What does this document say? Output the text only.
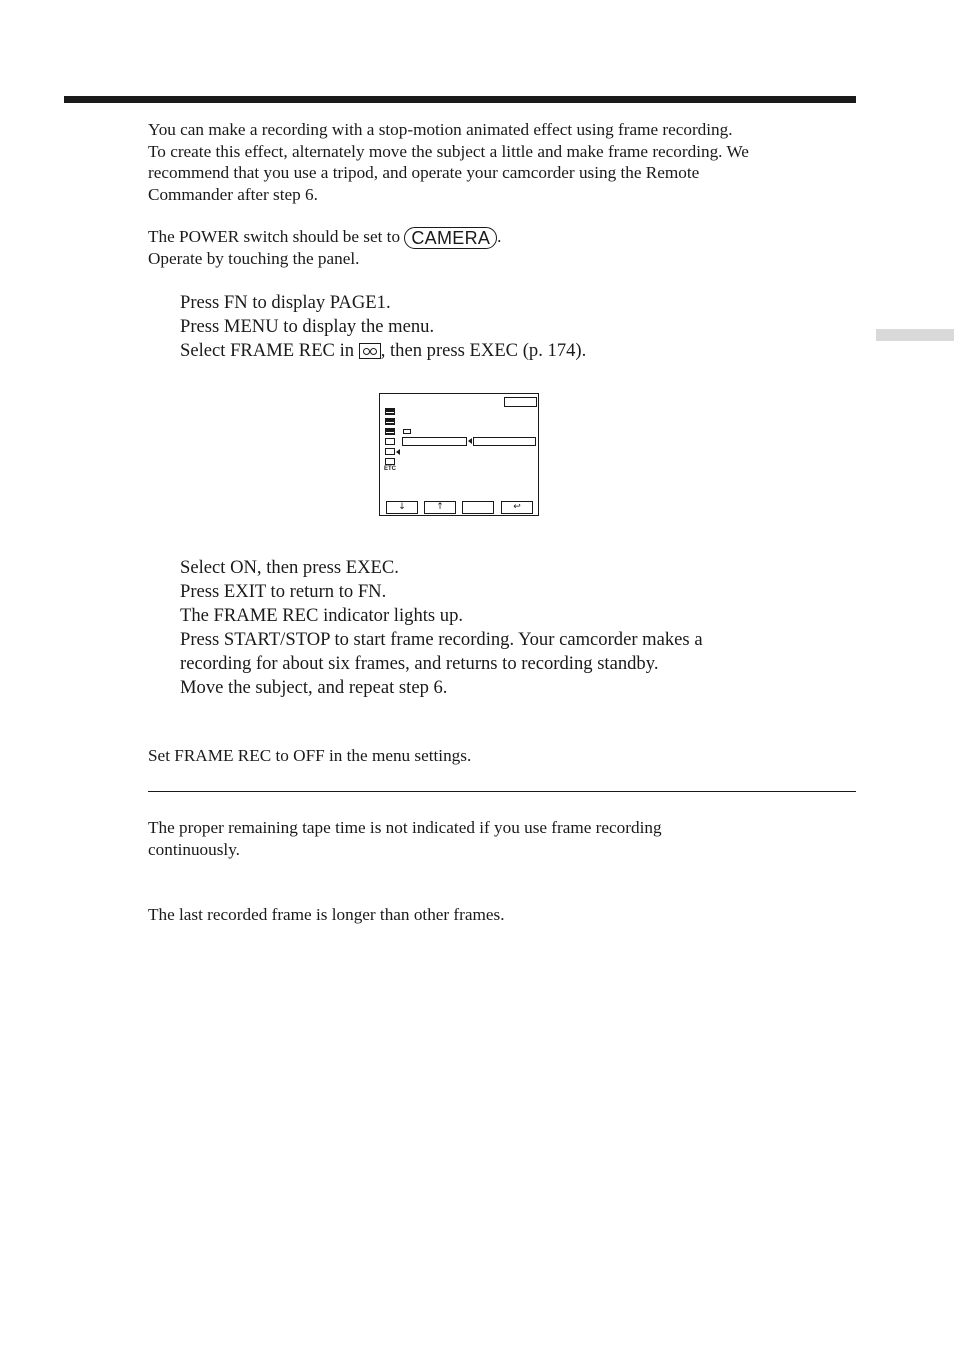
You can make a recording with a stop-motion animated effect using frame recording.

To create this effect, alternately move the subject a little and make frame recording. We

recommend that you use a tripod, and operate your camcorder using the Remote

Commander after step 6.

The POWER switch should be set to CAMERA .

Operate by touching the panel.

Press FN to display PAGE1.

Press MENU to display the menu.

Select FRAME REC in , then press EXEC (p. 174).

ETC
↓	↑	↩

Select ON, then press EXEC.

Press EXIT to return to FN.

The FRAME REC indicator lights up.

Press START/STOP to start frame recording. Your camcorder makes a

recording for about six frames, and returns to recording standby.

Move the subject, and repeat step 6.

Set FRAME REC to OFF in the menu settings.

The proper remaining tape time is not indicated if you use frame recording

continuously.

The last recorded frame is longer than other frames.
